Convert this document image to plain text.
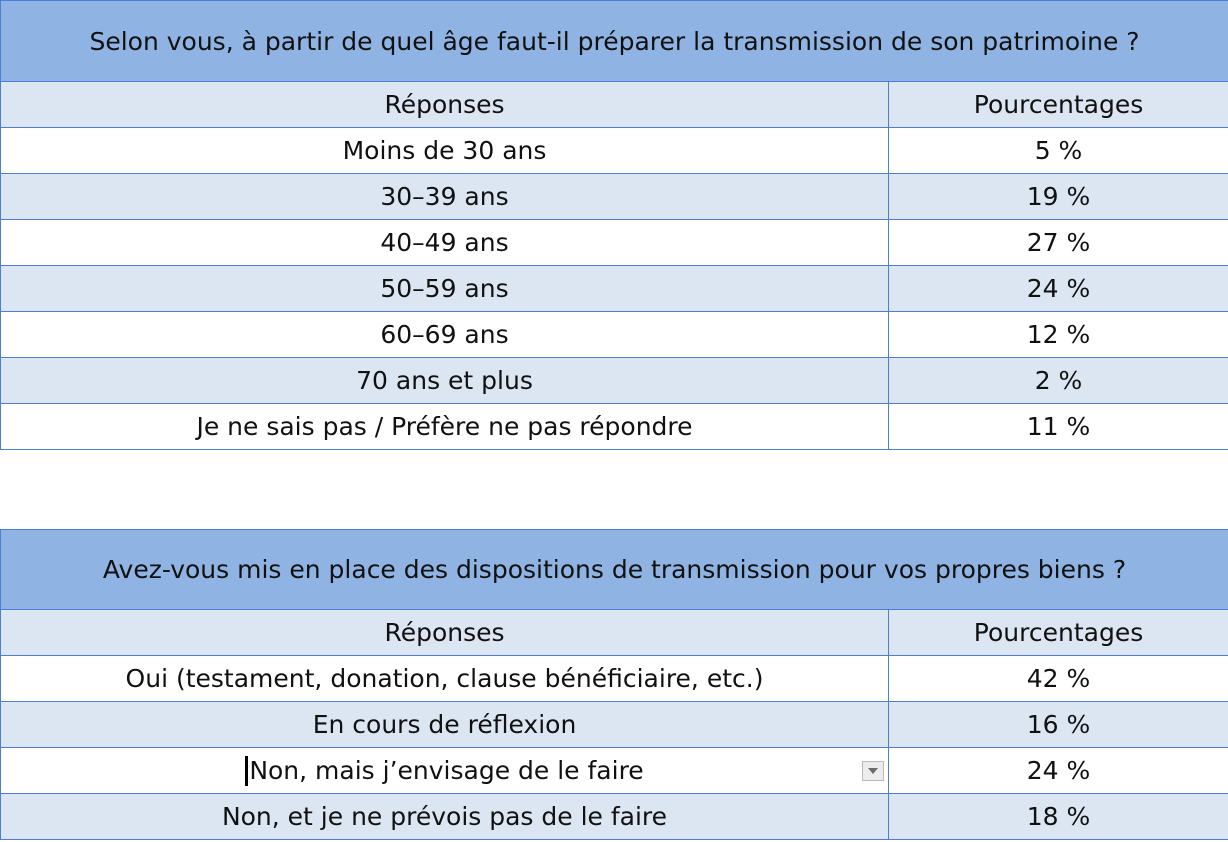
Selon vous, à partir de quel âge faut-il préparer la transmission de son patrimoine ?	
Réponses	Pourcentages
Moins de 30 ans	5 %
30–39 ans	19 %
40–49 ans	27 %
50–59 ans	24 %
60–69 ans	12 %
70 ans et plus	2 %
Je ne sais pas / Préfère ne pas répondre	11 %
Avez-vous mis en place des dispositions de transmission pour vos propres biens ?	
Réponses	Pourcentages
Oui (testament, donation, clause bénéficiaire, etc.)	42 %
En cours de réflexion	16 %

Non, mais j’envisage de le faire	24 %
Non, et je ne prévois pas de le faire	18 %
